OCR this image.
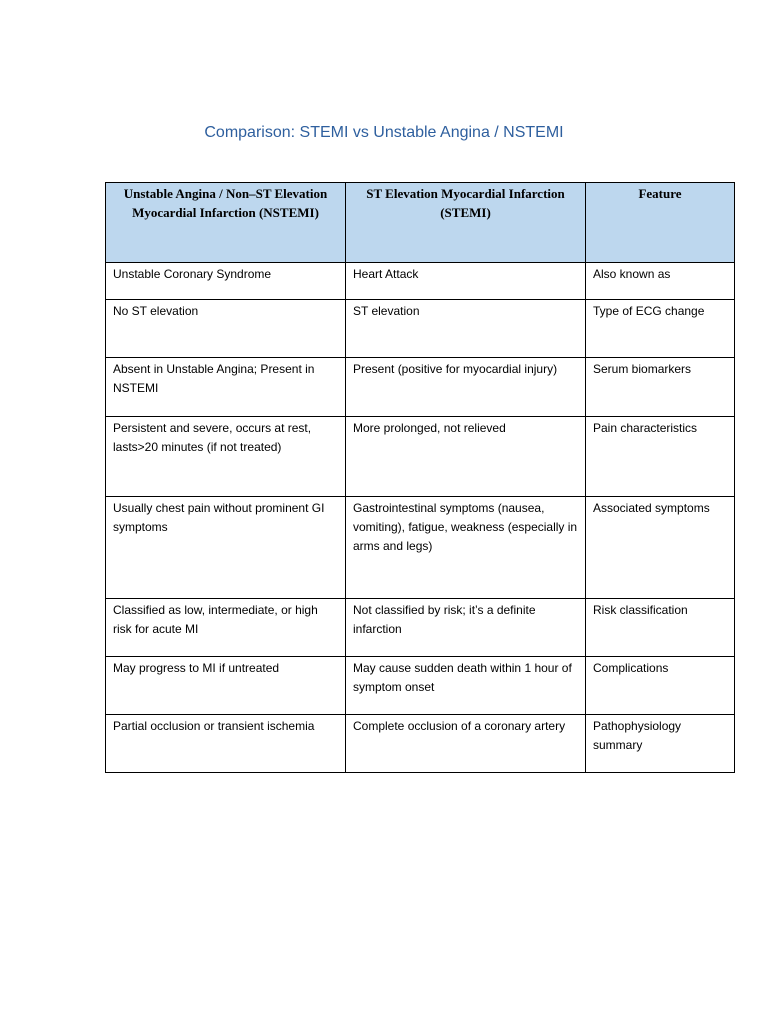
Comparison: STEMI vs Unstable Angina / NSTEMI
Unstable Angina / Non–ST Elevation Myocardial Infarction (NSTEMI)	ST Elevation Myocardial Infarction (STEMI)	Feature
Unstable Coronary Syndrome	Heart Attack	Also known as
No ST elevation	ST elevation	Type of ECG change
Absent in Unstable Angina; Present in NSTEMI	Present (positive for myocardial injury)	Serum biomarkers
Persistent and severe, occurs at rest, lasts>20 minutes (if not treated)	More prolonged, not relieved	Pain characteristics
Usually chest pain without prominent GI symptoms	Gastrointestinal symptoms (nausea, vomiting), fatigue, weakness (especially in arms and legs)	Associated symptoms
Classified as low, intermediate, or high risk for acute MI	Not classified by risk; it’s a definite infarction	Risk classification
May progress to MI if untreated	May cause sudden death within 1 hour of symptom onset	Complications
Partial occlusion or transient ischemia	Complete occlusion of a coronary artery	Pathophysiology summary
